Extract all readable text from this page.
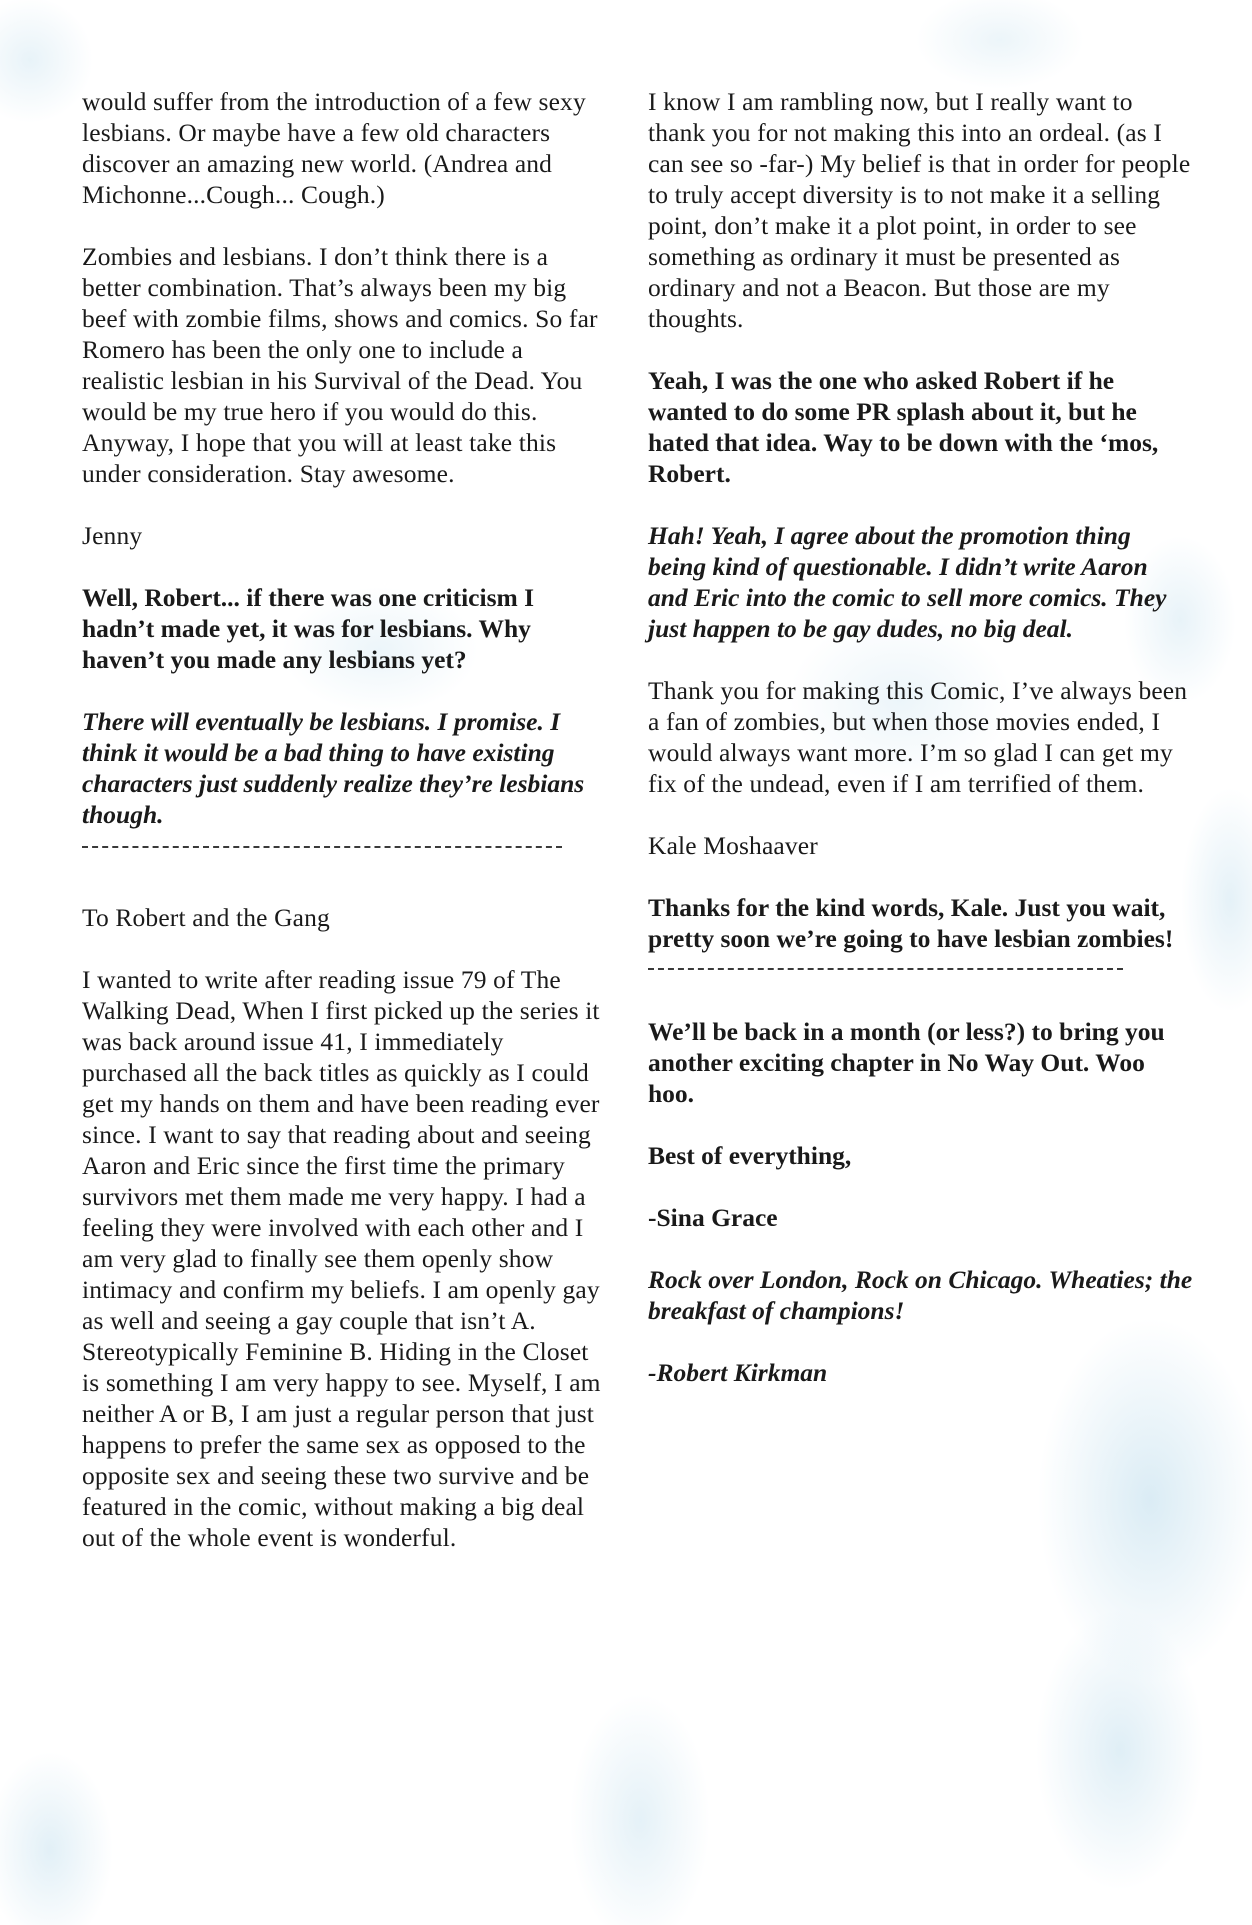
would suffer from the introduction of a few sexy lesbians. Or maybe have a few old characters discover an amazing new world. (Andrea and Michonne...Cough... Cough.)

Zombies and lesbians. I don’t think there is a better combination. That’s always been my big beef with zombie films, shows and comics. So far Romero has been the only one to include a realistic lesbian in his Survival of the Dead. You would be my true hero if you would do this. Anyway, I hope that you will at least take this under consideration. Stay awesome.

Jenny

Well, Robert... if there was one criticism I hadn’t made yet, it was for lesbians. Why haven’t you made any lesbians yet?

There will eventually be lesbians. I promise. I think it would be a bad thing to have existing characters just suddenly realize they’re lesbians though.

To Robert and the Gang

I wanted to write after reading issue 79 of The Walking Dead, When I first picked up the series it was back around issue 41, I immediately purchased all the back titles as quickly as I could get my hands on them and have been reading ever since. I want to say that reading about and seeing Aaron and Eric since the first time the primary survivors met them made me very happy. I had a feeling they were involved with each other and I am very glad to finally see them openly show intimacy and confirm my beliefs. I am openly gay as well and seeing a gay couple that isn’t A. Stereotypically Feminine B. Hiding in the Closet is something I am very happy to see. Myself, I am neither A or B, I am just a regular person that just happens to prefer the same sex as opposed to the opposite sex and seeing these two survive and be featured in the comic, without making a big deal out of the whole event is wonderful.

I know I am rambling now, but I really want to thank you for not making this into an ordeal. (as I can see so -far-) My belief is that in order for people to truly accept diversity is to not make it a selling point, don’t make it a plot point, in order to see something as ordinary it must be presented as ordinary and not a Beacon. But those are my thoughts.

Yeah, I was the one who asked Robert if he wanted to do some PR splash about it, but he hated that idea. Way to be down with the ‘mos, Robert.

Hah! Yeah, I agree about the promotion thing being kind of questionable. I didn’t write Aaron and Eric into the comic to sell more comics. They just happen to be gay dudes, no big deal.

Thank you for making this Comic, I’ve always been a fan of zombies, but when those movies ended, I would always want more. I’m so glad I can get my fix of the undead, even if I am terrified of them.

Kale Moshaaver

Thanks for the kind words, Kale. Just you wait, pretty soon we’re going to have lesbian zombies!

We’ll be back in a month (or less?) to bring you another exciting chapter in No Way Out. Woo hoo.

Best of everything,

-Sina Grace

Rock over London, Rock on Chicago. Wheaties; the breakfast of champions!

-Robert Kirkman
